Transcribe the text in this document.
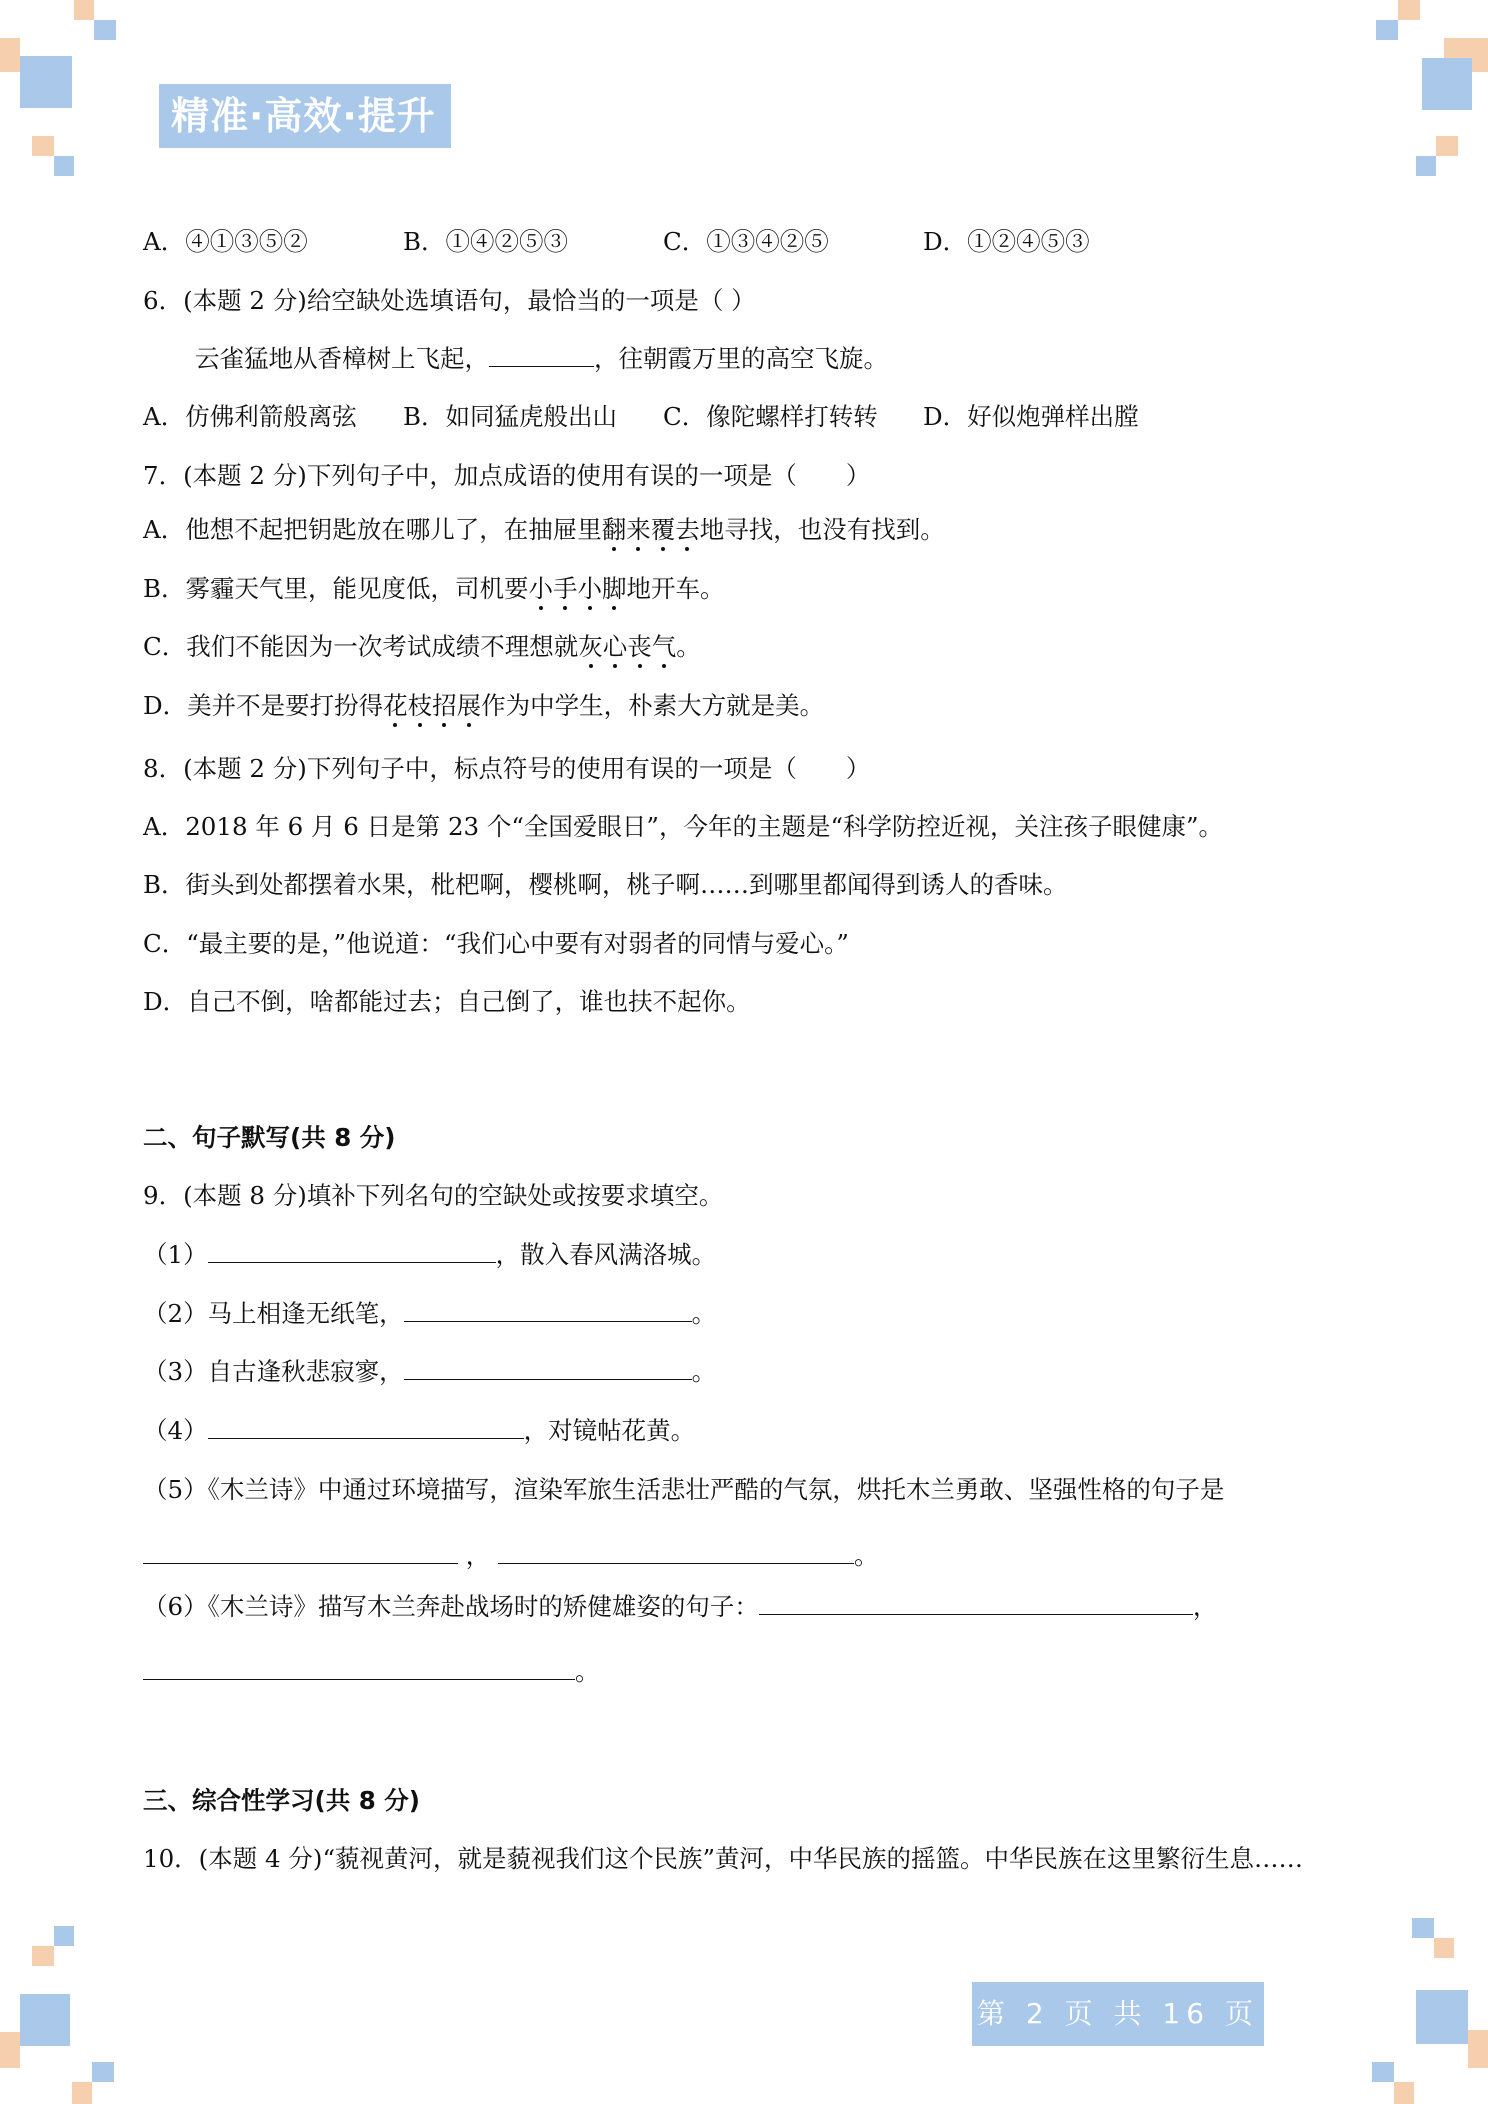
精准·高效·提升
A．④①③⑤②	B．①④②⑤③	C．①③④②⑤	D．①②④⑤③
6．(本题 2 分)给空缺处选填语句，最恰当的一项是（ ）
云雀猛地从香樟树上飞起，	，往朝霞万里的高空飞旋。
A．仿佛利箭般离弦 B．如同猛虎般出山 C．像陀螺样打转转 D．好似炮弹样出膛
7．(本题 2 分)下列句子中，加点成语的使用有误的一项是（　　）
A．他想不起把钥匙放在哪儿了，在抽屉里翻来覆去地寻找，也没有找到。
B．雾霾天气里，能见度低，司机要小手小脚地开车。
C．我们不能因为一次考试成绩不理想就灰心丧气。
D．美并不是要打扮得花枝招展作为中学生，朴素大方就是美。
8．(本题 2 分)下列句子中，标点符号的使用有误的一项是（　　）
A．2018 年 6 月 6 日是第 23 个“全国爱眼日”，今年的主题是“科学防控近视，关注孩子眼健康”。
B．街头到处都摆着水果，枇杷啊，樱桃啊，桃子啊……到哪里都闻得到诱人的香味。
C．“最主要的是，”他说道：“我们心中要有对弱者的同情与爱心。”
D．自己不倒，啥都能过去；自己倒了，谁也扶不起你。
二、句子默写(共 8 分)
9．(本题 8 分)填补下列名句的空缺处或按要求填空。
（1）	，散入春风满洛城。
（2）马上相逢无纸笔，	。
（3）自古逢秋悲寂寥，	。
（4）	，对镜帖花黄。
（5）《木兰诗》中通过环境描写，渲染军旅生活悲壮严酷的气氛，烘托木兰勇敢、坚强性格的句子是
，	。
（6）《木兰诗》描写木兰奔赴战场时的矫健雄姿的句子：	，
。
三、综合性学习(共 8 分)
10．(本题 4 分)“藐视黄河，就是藐视我们这个民族”黄河，中华民族的摇篮。中华民族在这里繁衍生息……
第 2 页 共 16 页
